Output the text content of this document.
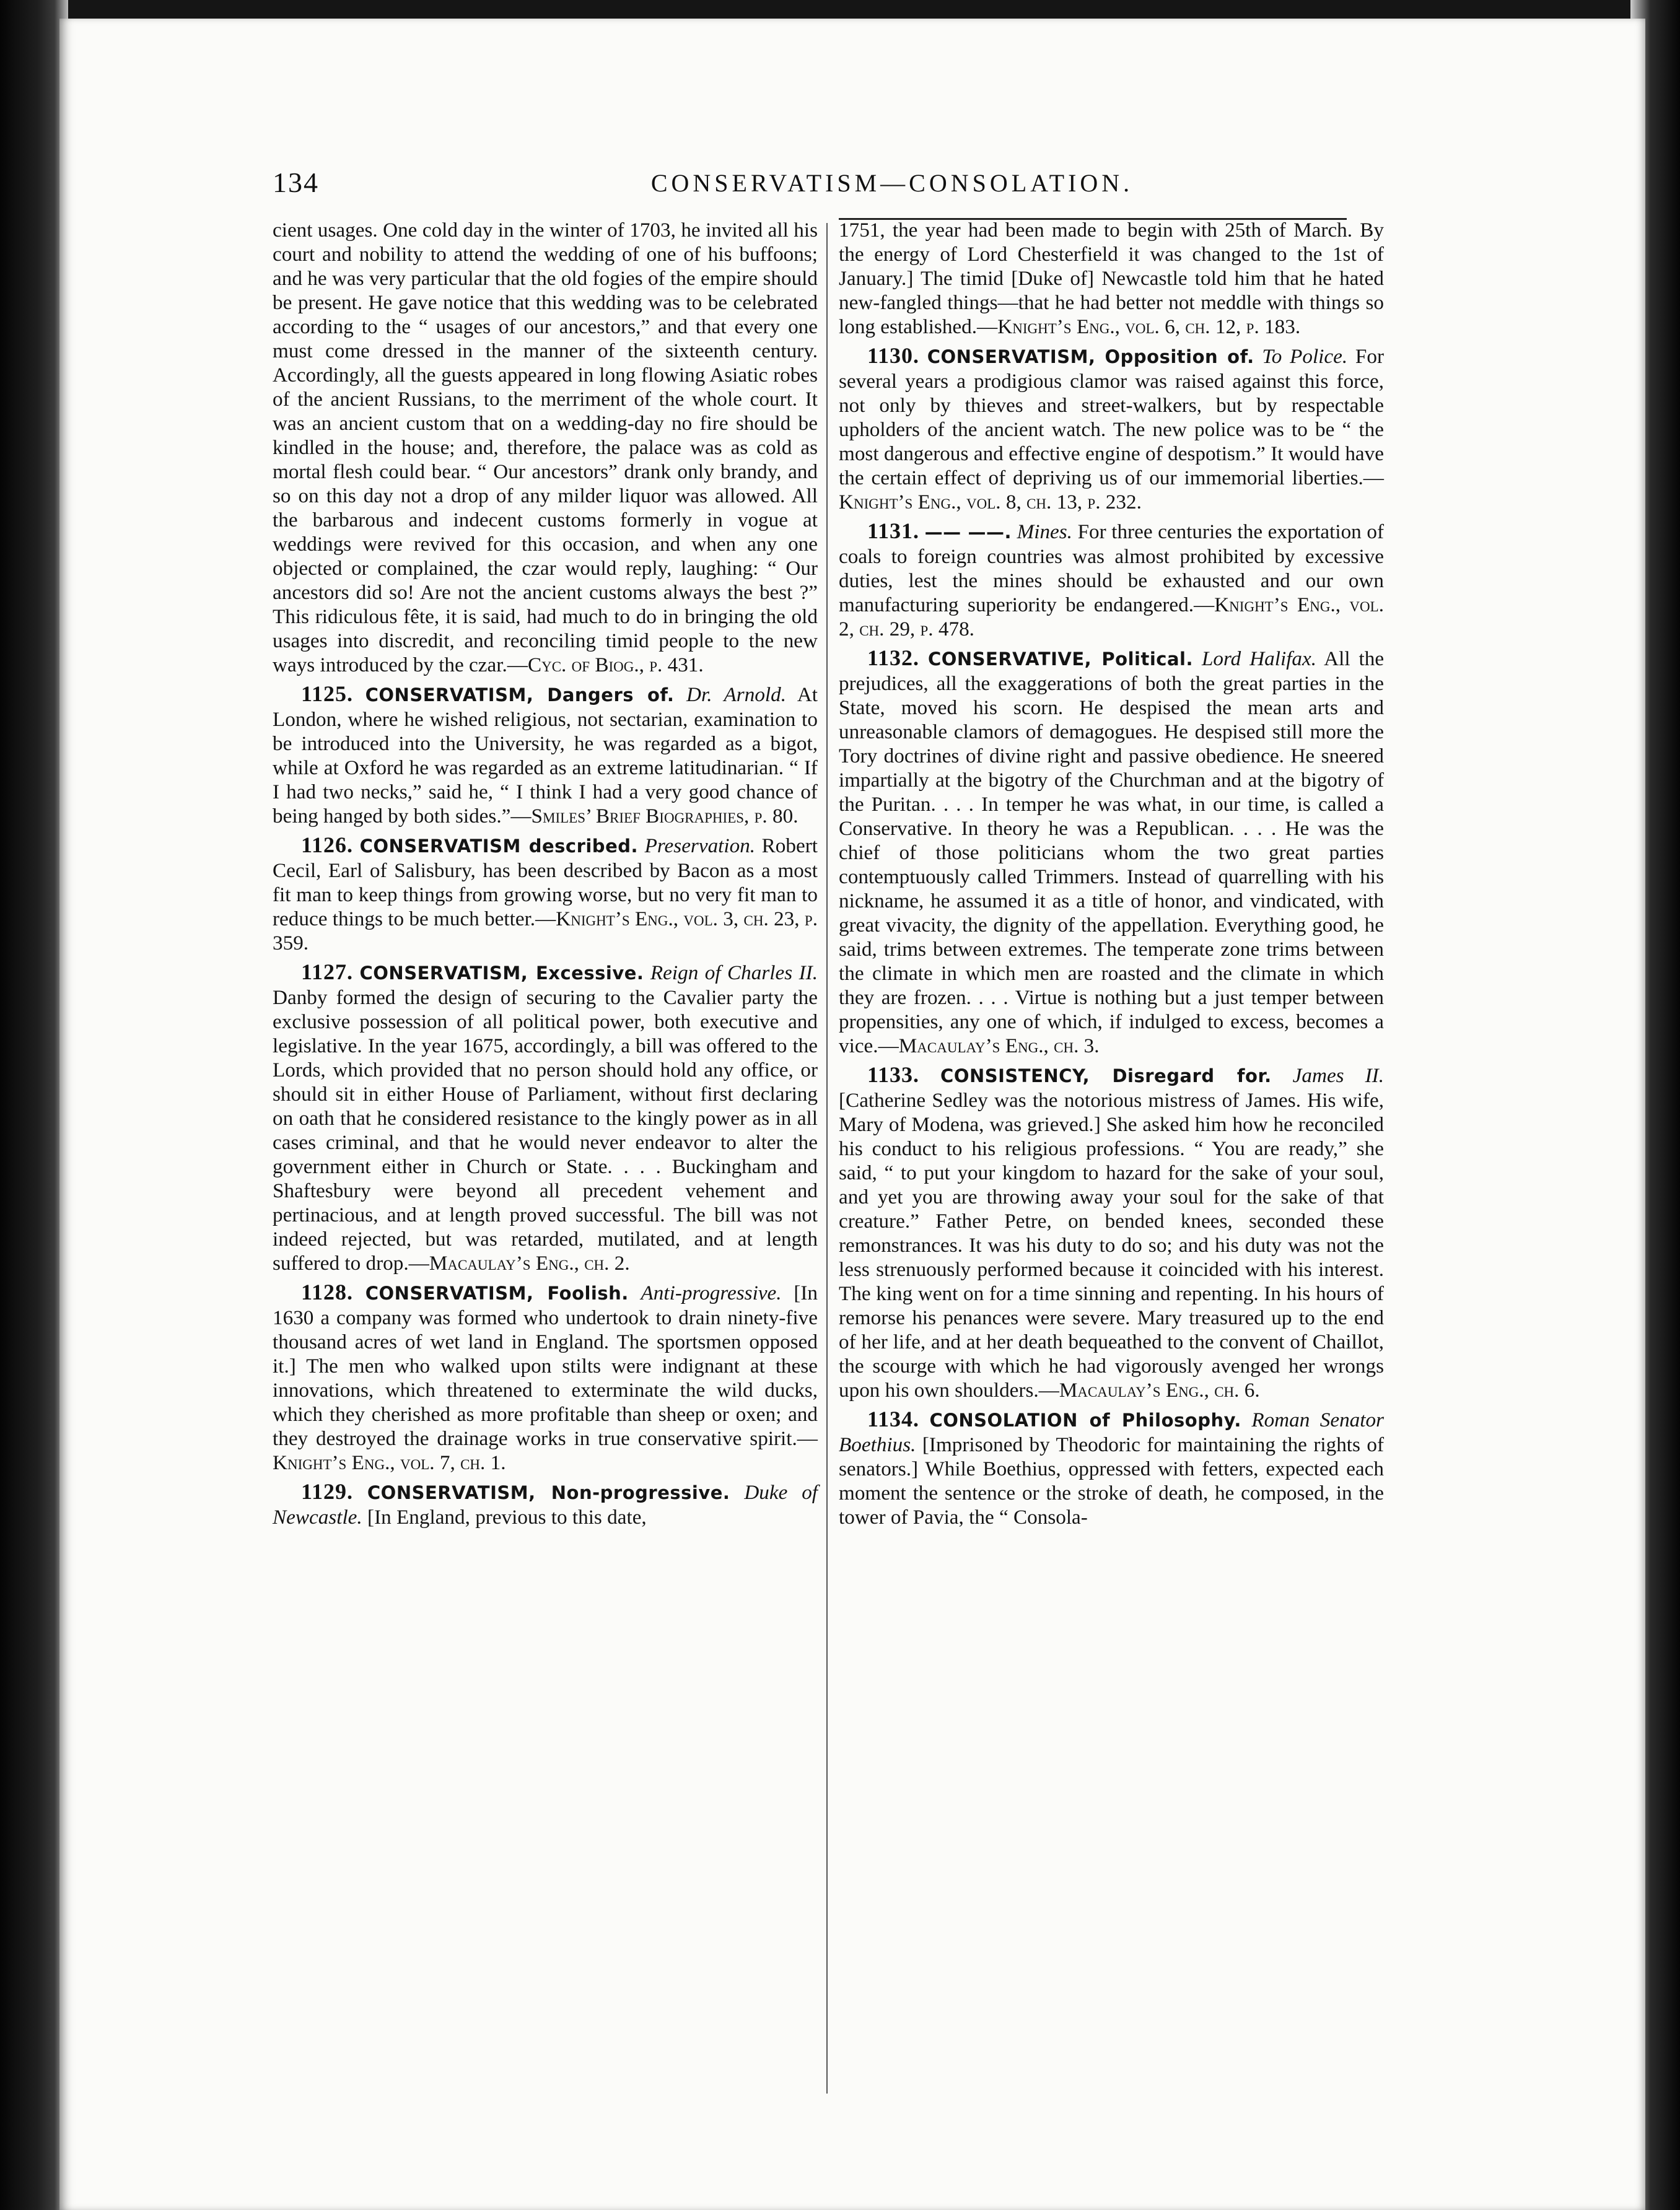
134	CONSERVATISM—CONSOLATION.

cient usages. One cold day in the winter of 1703, he invited all his court and nobility to attend the wedding of one of his buffoons; and he was very particular that the old fogies of the empire should be present. He gave notice that this wedding was to be celebrated according to the “ usages of our ancestors,” and that every one must come dressed in the manner of the sixteenth century. Accordingly, all the guests appeared in long flowing Asiatic robes of the ancient Russians, to the merriment of the whole court. It was an ancient custom that on a wedding-day no fire should be kindled in the house; and, therefore, the palace was as cold as mortal flesh could bear. “ Our ancestors” drank only brandy, and so on this day not a drop of any milder liquor was allowed. All the barbarous and indecent customs formerly in vogue at weddings were revived for this occasion, and when any one objected or complained, the czar would reply, laughing: “ Our ancestors did so! Are not the ancient customs always the best ?” This ridiculous fête, it is said, had much to do in bringing the old usages into discredit, and reconciling timid people to the new ways introduced by the czar.—Cyc. of Biog., p. 431.

1125. CONSERVATISM, Dangers of. Dr. Arnold. At London, where he wished religious, not sectarian, examination to be introduced into the University, he was regarded as a bigot, while at Oxford he was regarded as an extreme latitudinarian. “ If I had two necks,” said he, “ I think I had a very good chance of being hanged by both sides.”—Smiles’ Brief Biographies, p. 80.

1126. CONSERVATISM described. Preservation. Robert Cecil, Earl of Salisbury, has been described by Bacon as a most fit man to keep things from growing worse, but no very fit man to reduce things to be much better.—Knight’s Eng., vol. 3, ch. 23, p. 359.

1127. CONSERVATISM, Excessive. Reign of Charles II. Danby formed the design of securing to the Cavalier party the exclusive possession of all political power, both executive and legislative. In the year 1675, accordingly, a bill was offered to the Lords, which provided that no person should hold any office, or should sit in either House of Parliament, without first declaring on oath that he considered resistance to the kingly power as in all cases criminal, and that he would never endeavor to alter the government either in Church or State. . . . Buckingham and Shaftesbury were beyond all precedent vehement and pertinacious, and at length proved successful. The bill was not indeed rejected, but was retarded, mutilated, and at length suffered to drop.—Macaulay’s Eng., ch. 2.

1128. CONSERVATISM, Foolish. Anti-progressive. [In 1630 a company was formed who undertook to drain ninety-five thousand acres of wet land in England. The sportsmen opposed it.] The men who walked upon stilts were indignant at these innovations, which threatened to exterminate the wild ducks, which they cherished as more profitable than sheep or oxen; and they destroyed the drainage works in true conservative spirit.—Knight’s Eng., vol. 7, ch. 1.

1129. CONSERVATISM, Non-progressive. Duke of Newcastle. [In England, previous to this date,

1751, the year had been made to begin with 25th of March. By the energy of Lord Chesterfield it was changed to the 1st of January.] The timid [Duke of] Newcastle told him that he hated new-fangled things—that he had better not meddle with things so long established.—Knight’s Eng., vol. 6, ch. 12, p. 183.

1130. CONSERVATISM, Opposition of. To Police. For several years a prodigious clamor was raised against this force, not only by thieves and street-walkers, but by respectable upholders of the ancient watch. The new police was to be “ the most dangerous and effective engine of despotism.” It would have the certain effect of depriving us of our immemorial liberties.—Knight’s Eng., vol. 8, ch. 13, p. 232.

1131. —— ——. Mines. For three centuries the exportation of coals to foreign countries was almost prohibited by excessive duties, lest the mines should be exhausted and our own manufacturing superiority be endangered.—Knight’s Eng., vol. 2, ch. 29, p. 478.

1132. CONSERVATIVE, Political. Lord Halifax. All the prejudices, all the exaggerations of both the great parties in the State, moved his scorn. He despised the mean arts and unreasonable clamors of demagogues. He despised still more the Tory doctrines of divine right and passive obedience. He sneered impartially at the bigotry of the Churchman and at the bigotry of the Puritan. . . . In temper he was what, in our time, is called a Conservative. In theory he was a Republican. . . . He was the chief of those politicians whom the two great parties contemptuously called Trimmers. Instead of quarrelling with his nickname, he assumed it as a title of honor, and vindicated, with great vivacity, the dignity of the appellation. Everything good, he said, trims between extremes. The temperate zone trims between the climate in which men are roasted and the climate in which they are frozen. . . . Virtue is nothing but a just temper between propensities, any one of which, if indulged to excess, becomes a vice.—Macaulay’s Eng., ch. 3.

1133. CONSISTENCY, Disregard for. James II. [Catherine Sedley was the notorious mistress of James. His wife, Mary of Modena, was grieved.] She asked him how he reconciled his conduct to his religious professions. “ You are ready,” she said, “ to put your kingdom to hazard for the sake of your soul, and yet you are throwing away your soul for the sake of that creature.” Father Petre, on bended knees, seconded these remonstrances. It was his duty to do so; and his duty was not the less strenuously performed because it coincided with his interest. The king went on for a time sinning and repenting. In his hours of remorse his penances were severe. Mary treasured up to the end of her life, and at her death bequeathed to the convent of Chaillot, the scourge with which he had vigorously avenged her wrongs upon his own shoulders.—Macaulay’s Eng., ch. 6.

1134. CONSOLATION of Philosophy. Roman Senator Boethius. [Imprisoned by Theodoric for maintaining the rights of senators.] While Boethius, oppressed with fetters, expected each moment the sentence or the stroke of death, he composed, in the tower of Pavia, the “ Consola-
